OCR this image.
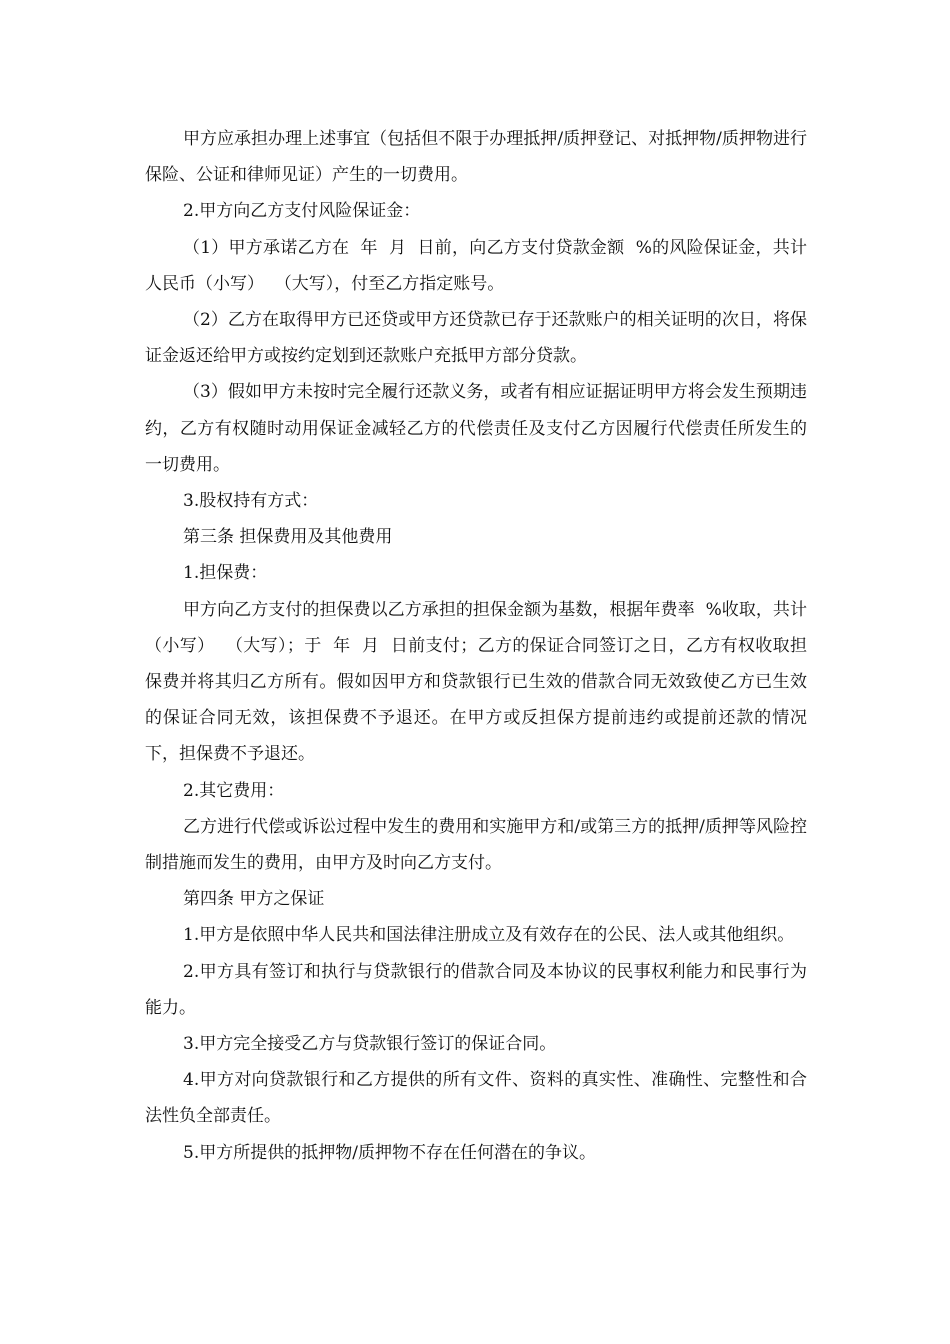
甲方应承担办理上述事宜（包括但不限于办理抵押/质押登记、对抵押物/质押物进行保险、公证和律师见证）产生的一切费用。

2.甲方向乙方支付风险保证金：

（1）甲方承诺乙方在  年  月  日前，向乙方支付贷款金额  %的风险保证金，共计人民币（小写）  （大写），付至乙方指定账号。

（2）乙方在取得甲方已还贷或甲方还贷款已存于还款账户的相关证明的次日，将保证金返还给甲方或按约定划到还款账户充抵甲方部分贷款。

（3）假如甲方未按时完全履行还款义务，或者有相应证据证明甲方将会发生预期违约，乙方有权随时动用保证金减轻乙方的代偿责任及支付乙方因履行代偿责任所发生的一切费用。

3.股权持有方式：

第三条 担保费用及其他费用

1.担保费：

甲方向乙方支付的担保费以乙方承担的担保金额为基数，根据年费率  %收取，共计（小写）  （大写）；于  年  月  日前支付；乙方的保证合同签订之日，乙方有权收取担保费并将其归乙方所有。假如因甲方和贷款银行已生效的借款合同无效致使乙方已生效的保证合同无效，该担保费不予退还。在甲方或反担保方提前违约或提前还款的情况下，担保费不予退还。

2.其它费用：

乙方进行代偿或诉讼过程中发生的费用和实施甲方和/或第三方的抵押/质押等风险控制措施而发生的费用，由甲方及时向乙方支付。

第四条 甲方之保证

1.甲方是依照中华人民共和国法律注册成立及有效存在的公民、法人或其他组织。

2.甲方具有签订和执行与贷款银行的借款合同及本协议的民事权利能力和民事行为能力。

3.甲方完全接受乙方与贷款银行签订的保证合同。

4.甲方对向贷款银行和乙方提供的所有文件、资料的真实性、准确性、完整性和合法性负全部责任。

5.甲方所提供的抵押物/质押物不存在任何潜在的争议。
